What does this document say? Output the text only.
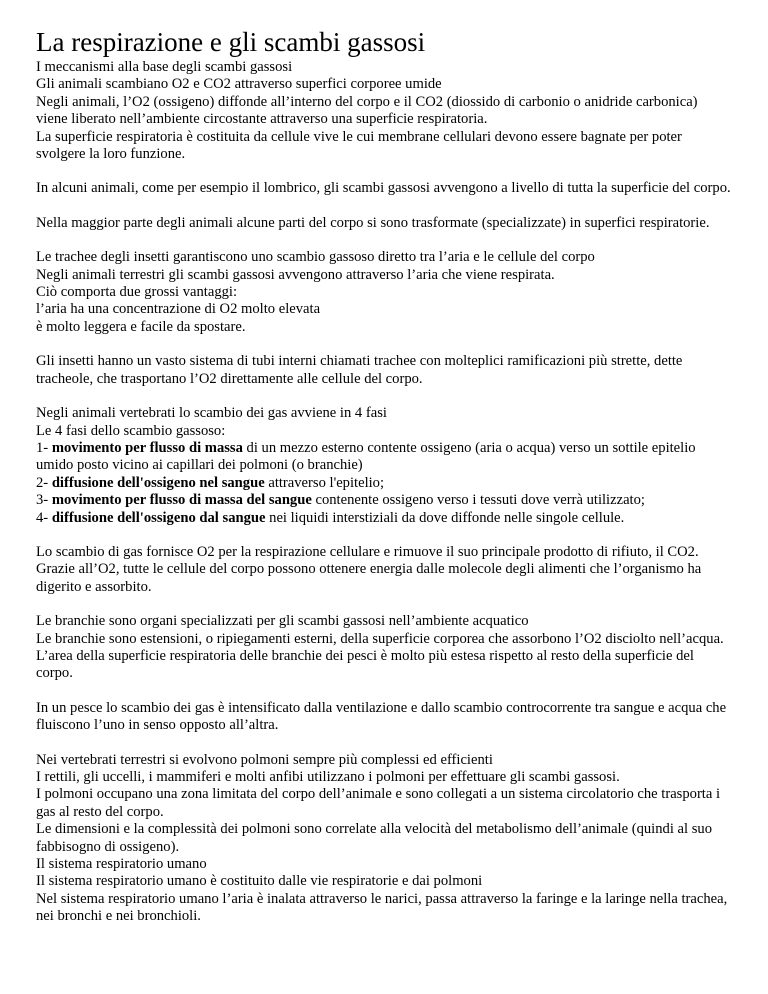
La respirazione e gli scambi gassosi
I meccanismi alla base degli scambi gassosi
Gli animali scambiano O2 e CO2 attraverso superfici corporee umide
Negli animali, l’O2 (ossigeno) diffonde all’interno del corpo e il CO2 (diossido di carbonio o anidride carbonica) viene liberato nell’ambiente circostante attraverso una superficie respiratoria.
La superficie respiratoria è costituita da cellule vive le cui membrane cellulari devono essere bagnate per poter svolgere la loro funzione.
In alcuni animali, come per esempio il lombrico, gli scambi gassosi avvengono a livello di tutta la superficie del corpo.
Nella maggior parte degli animali alcune parti del corpo si sono trasformate (specializzate) in superfici respiratorie.
Le trachee degli insetti garantiscono uno scambio gassoso diretto tra l’aria e le cellule del corpo
Negli animali terrestri gli scambi gassosi avvengono attraverso l’aria che viene respirata.
Ciò comporta due grossi vantaggi:
l’aria ha una concentrazione di O2 molto elevata
è molto leggera e facile da spostare.
Gli insetti hanno un vasto sistema di tubi interni chiamati trachee con molteplici ramificazioni più strette, dette tracheole, che trasportano l’O2 direttamente alle cellule del corpo.
Negli animali vertebrati lo scambio dei gas avviene in 4 fasi
Le 4 fasi dello scambio gassoso:
1- movimento per flusso di massa di un mezzo esterno contente ossigeno (aria o acqua) verso un sottile epitelio umido posto vicino ai capillari dei polmoni (o branchie)
2- diffusione dell'ossigeno nel sangue attraverso l'epitelio;
3- movimento per flusso di massa del sangue contenente ossigeno verso i tessuti dove verrà utilizzato;
4- diffusione dell'ossigeno dal sangue nei liquidi interstiziali da dove diffonde nelle singole cellule.
Lo scambio di gas fornisce O2 per la respirazione cellulare e rimuove il suo principale prodotto di rifiuto, il CO2.
Grazie all’O2, tutte le cellule del corpo possono ottenere energia dalle molecole degli alimenti che l’organismo ha digerito e assorbito.
Le branchie sono organi specializzati per gli scambi gassosi nell’ambiente acquatico
Le branchie sono estensioni, o ripiegamenti esterni, della superficie corporea che assorbono l’O2 disciolto nell’acqua.
L’area della superficie respiratoria delle branchie dei pesci è molto più estesa rispetto al resto della superficie del corpo.
In un pesce lo scambio dei gas è intensificato dalla ventilazione e dallo scambio controcorrente tra sangue e acqua che fluiscono l’uno in senso opposto all’altra.
Nei vertebrati terrestri si evolvono polmoni sempre più complessi ed efficienti
I rettili, gli uccelli, i mammiferi e molti anfibi utilizzano i polmoni per effettuare gli scambi gassosi.
I polmoni occupano una zona limitata del corpo dell’animale e sono collegati a un sistema circolatorio che trasporta i gas al resto del corpo.
Le dimensioni e la complessità dei polmoni sono correlate alla velocità del metabolismo dell’animale (quindi al suo fabbisogno di ossigeno).
Il sistema respiratorio umano
Il sistema respiratorio umano è costituito dalle vie respiratorie e dai polmoni
Nel sistema respiratorio umano l’aria è inalata attraverso le narici, passa attraverso la faringe e la laringe nella trachea, nei bronchi e nei bronchioli.
